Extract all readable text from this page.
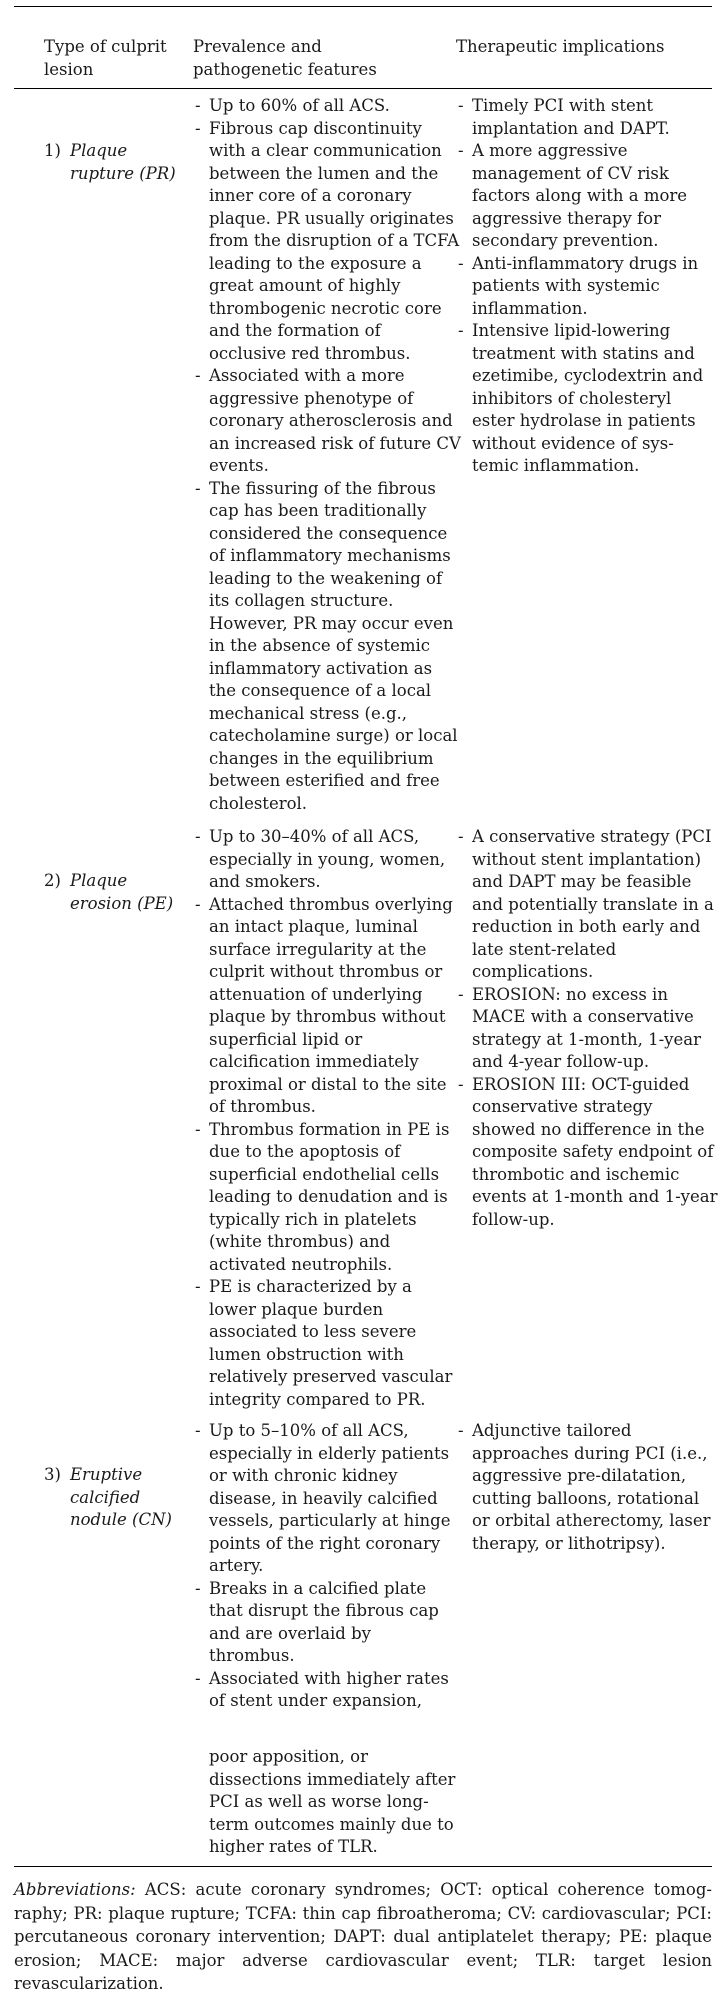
Type of culprit lesion
Prevalence and pathogenetic features
Therapeutic implications
1) Plaque
rupture (PR)
- Up to 60% of all ACS.
- Fibrous cap discontinuity with a clear communication between the lumen and the inner core of a coronary plaque. PR usually originates from the disruption of a TCFA leading to the exposure a great amount of highly thrombogenic necrotic core and the formation of occlusive red thrombus.
- Associated with a more aggressive phenotype of coronary atherosclerosis and an increased risk of future CV events.
- The fissuring of the fibrous cap has been traditionally considered the consequence of inflammatory mechanisms leading to the weakening of its collagen structure. However, PR may occur even in the absence of systemic inflammatory activation as the consequence of a local mechanical stress (e.g., catecholamine surge) or local changes in the equilibrium between esterified and free cholesterol.
- Timely PCI with stent implantation and DAPT.
- A more aggressive management of CV risk factors along with a more aggressive therapy for secondary prevention.
- Anti-inflammatory drugs in patients with systemic inflammation.
- Intensive lipid-lowering treatment with statins and ezetimibe, cyclodextrin and inhibitors of cholesteryl ester hydrolase in patients without evidence of sys-temic inflammation.
2) Plaque
erosion (PE)
- Up to 30–40% of all ACS, especially in young, women, and smokers.
- Attached thrombus overlying an intact plaque, luminal surface irregularity at the culprit without thrombus or attenuation of underlying plaque by thrombus without superficial lipid or calcification immediately proximal or distal to the site of thrombus.
- Thrombus formation in PE is due to the apoptosis of superficial endothelial cells leading to denudation and is typically rich in platelets (white thrombus) and activated neutrophils.
- PE is characterized by a lower plaque burden associated to less severe lumen obstruction with relatively preserved vascular integrity compared to PR.
- A conservative strategy (PCI without stent implantation) and DAPT may be feasible and potentially translate in a reduction in both early and late stent-related complications.
- EROSION: no excess in MACE with a conservative strategy at 1-month, 1-year and 4-year follow-up.
- EROSION III: OCT-guided conservative strategy showed no difference in the composite safety endpoint of thrombotic and ischemic events at 1-month and 1-year follow-up.
3) Eruptive
calcified nodule (CN)
- Up to 5–10% of all ACS, especially in elderly patients or with chronic kidney disease, in heavily calcified vessels, particularly at hinge points of the right coronary artery.
- Breaks in a calcified plate that disrupt the fibrous cap and are overlaid by thrombus.
- Associated with higher rates of stent under expansion,

poor apposition, or dissections immediately after PCI as well as worse long-term outcomes mainly due to higher rates of TLR.

- Adjunctive tailored approaches during PCI (i.e., aggressive pre-dilatation, cutting balloons, rotational or orbital atherectomy, laser therapy, or lithotripsy).

Abbreviations: ACS: acute coronary syndromes; OCT: optical coherence tomog-raphy; PR: plaque rupture; TCFA: thin cap fibroatheroma; CV: cardiovascular; PCI: percutaneous coronary intervention; DAPT: dual antiplatelet therapy; PE: plaque erosion; MACE: major adverse cardiovascular event; TLR: target lesion revascularization.
